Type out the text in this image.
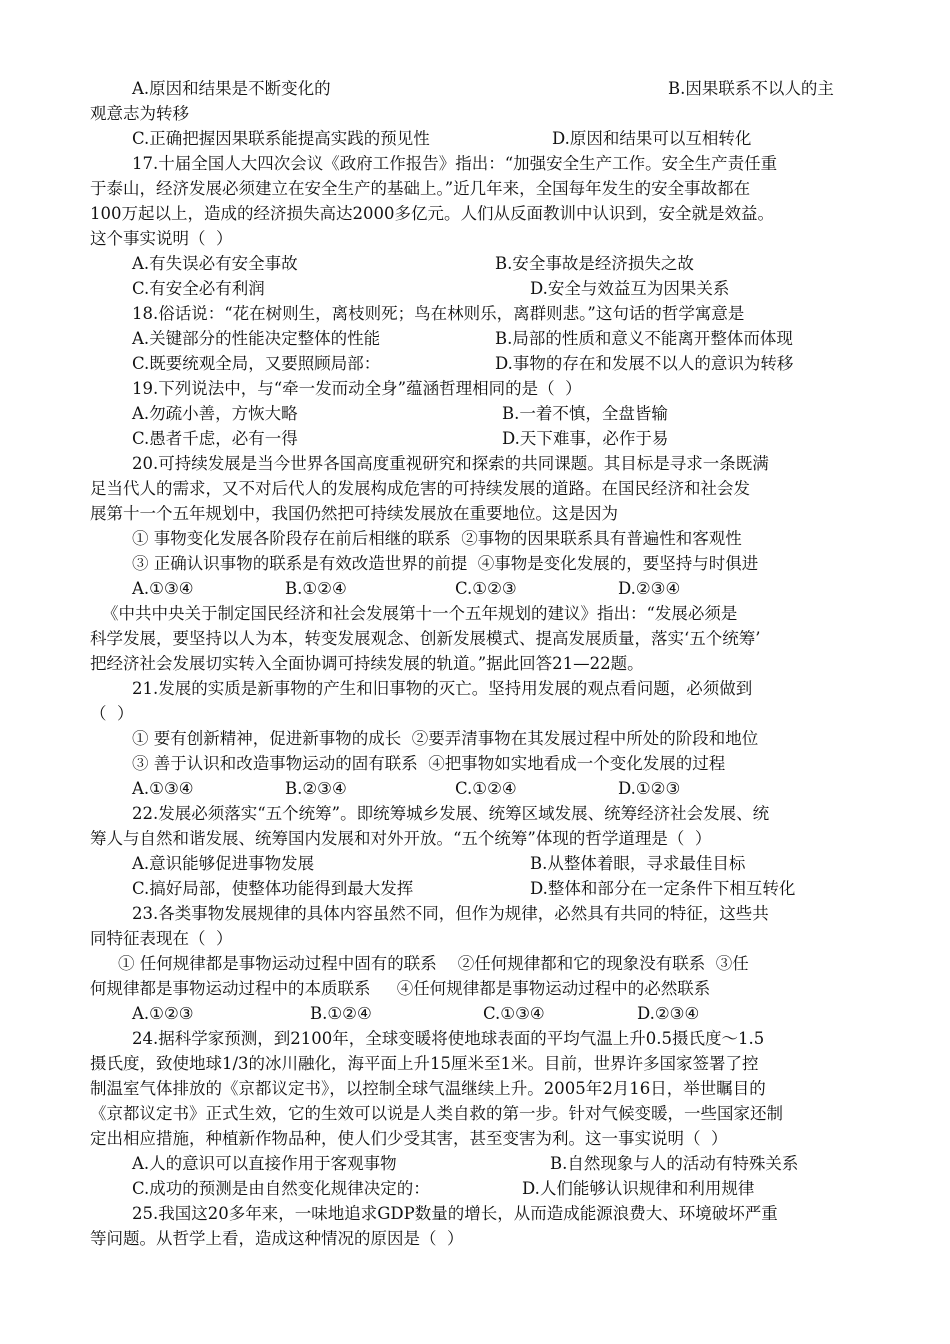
A.原因和结果是不断变化的	B.因果联系不以人的主
观意志为转移
C.正确把握因果联系能提高实践的预见性	D.原因和结果可以互相转化
17.十届全国人大四次会议《政府工作报告》指出：“加强安全生产工作。安全生产责任重
于泰山，经济发展必须建立在安全生产的基础上。”近几年来，全国每年发生的安全事故都在
100万起以上，造成的经济损失高达2000多亿元。人们从反面教训中认识到，安全就是效益。
这个事实说明（  ）
A.有失误必有安全事故	B.安全事故是经济损失之故
C.有安全必有利润	D.安全与效益互为因果关系
18.俗话说：“花在树则生，离枝则死；鸟在林则乐，离群则悲。”这句话的哲学寓意是
A.关键部分的性能决定整体的性能	B.局部的性质和意义不能离开整体而体现
C.既要统观全局，又要照顾局部：	D.事物的存在和发展不以人的意识为转移
19.下列说法中，与“牵一发而动全身”蕴涵哲理相同的是（  ）
A.勿疏小善，方恢大略	B.一着不慎，全盘皆输
C.愚者千虑，必有一得	D.天下难事，必作于易
20.可持续发展是当今世界各国高度重视研究和探索的共同课题。其目标是寻求一条既满
足当代人的需求，又不对后代人的发展构成危害的可持续发展的道路。在国民经济和社会发
展第十一个五年规划中，我国仍然把可持续发展放在重要地位。这是因为
① 事物变化发展各阶段存在前后相继的联系  ②事物的因果联系具有普遍性和客观性
③ 正确认识事物的联系是有效改造世界的前提  ④事物是变化发展的，要坚持与时俱进
A.①③④	B.①②④	C.①②③	D.②③④
《中共中央关于制定国民经济和社会发展第十一个五年规划的建议》指出：“发展必须是
科学发展，要坚持以人为本，转变发展观念、创新发展模式、提高发展质量，落实‘五个统筹’
把经济社会发展切实转入全面协调可持续发展的轨道。”据此回答21—22题。
21.发展的实质是新事物的产生和旧事物的灭亡。坚持用发展的观点看问题，必须做到
（  ）
① 要有创新精神，促进新事物的成长  ②要弄清事物在其发展过程中所处的阶段和地位
③ 善于认识和改造事物运动的固有联系  ④把事物如实地看成一个变化发展的过程
A.①③④	B.②③④	C.①②④	D.①②③
22.发展必须落实“五个统筹”。即统筹城乡发展、统筹区域发展、统筹经济社会发展、统
筹人与自然和谐发展、统筹国内发展和对外开放。“五个统筹”体现的哲学道理是（  ）
A.意识能够促进事物发展	B.从整体着眼，寻求最佳目标
C.搞好局部，使整体功能得到最大发挥	D.整体和部分在一定条件下相互转化
23.各类事物发展规律的具体内容虽然不同，但作为规律，必然具有共同的特征，这些共
同特征表现在（  ）
① 任何规律都是事物运动过程中固有的联系    ②任何规律都和它的现象没有联系  ③任
何规律都是事物运动过程中的本质联系     ④任何规律都是事物运动过程中的必然联系
A.①②③	B.①②④	C.①③④	D.②③④
24.据科学家预测，到2100年，全球变暖将使地球表面的平均气温上升0.5摄氏度～1.5
摄氏度，致使地球1/3的冰川融化，海平面上升15厘米至1米。目前，世界许多国家签署了控
制温室气体排放的《京都议定书》，以控制全球气温继续上升。2005年2月16日，举世瞩目的
《京都议定书》正式生效，它的生效可以说是人类自救的第一步。针对气候变暖，一些国家还制
定出相应措施，种植新作物品种，使人们少受其害，甚至变害为利。这一事实说明（  ）
A.人的意识可以直接作用于客观事物	B.自然现象与人的活动有特殊关系
C.成功的预测是由自然变化规律决定的：	D.人们能够认识规律和利用规律
25.我国这20多年来，一味地追求GDP数量的增长，从而造成能源浪费大、环境破坏严重
等问题。从哲学上看，造成这种情况的原因是（  ）
